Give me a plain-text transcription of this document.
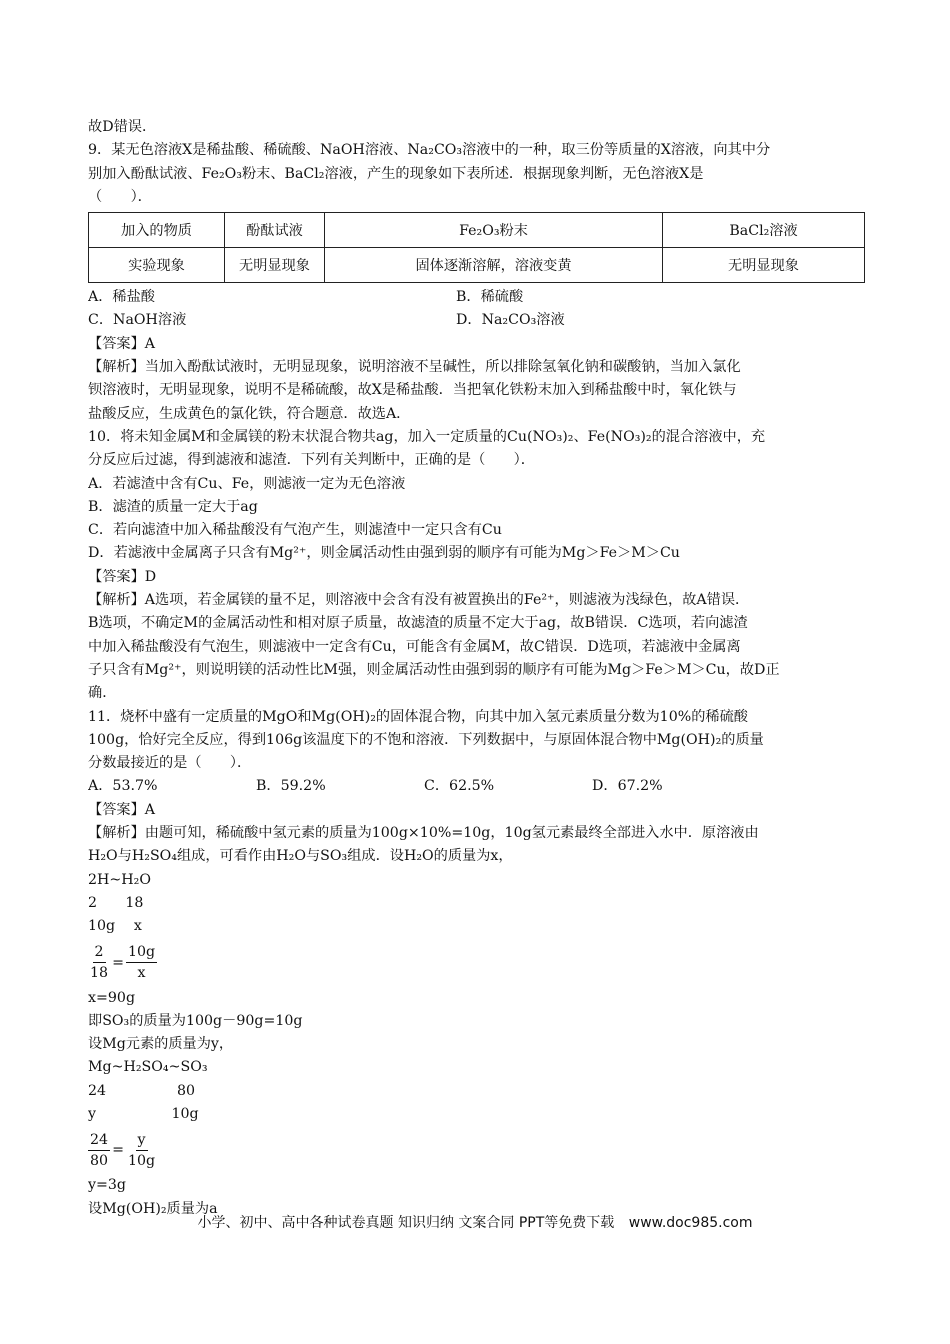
故D错误．
9．某无色溶液X是稀盐酸、稀硫酸、NaOH溶液、Na₂CO₃溶液中的一种，取三份等质量的X溶液，向其中分
别加入酚酞试液、Fe₂O₃粉末、BaCl₂溶液，产生的现象如下表所述．根据现象判断，无色溶液X是
（　　）．
加入的物质	酚酞试液	Fe₂O₃粉末	BaCl₂溶液
实验现象	无明显现象	固体逐渐溶解，溶液变黄	无明显现象
A．稀盐酸	B．稀硫酸
C．NaOH溶液	D．Na₂CO₃溶液
【答案】A
【解析】当加入酚酞试液时，无明显现象，说明溶液不呈碱性，所以排除氢氧化钠和碳酸钠，当加入氯化
钡溶液时，无明显现象，说明不是稀硫酸，故X是稀盐酸．当把氧化铁粉末加入到稀盐酸中时，氧化铁与
盐酸反应，生成黄色的氯化铁，符合题意．故选A．
10．将未知金属M和金属镁的粉末状混合物共ag，加入一定质量的Cu(NO₃)₂、Fe(NO₃)₂的混合溶液中，充
分反应后过滤，得到滤液和滤渣．下列有关判断中，正确的是（　　）．
A．若滤渣中含有Cu、Fe，则滤液一定为无色溶液
B．滤渣的质量一定大于ag
C．若向滤渣中加入稀盐酸没有气泡产生，则滤渣中一定只含有Cu
D．若滤液中金属离子只含有Mg²⁺，则金属活动性由强到弱的顺序有可能为Mg＞Fe＞M＞Cu
【答案】D
【解析】A选项，若金属镁的量不足，则溶液中会含有没有被置换出的Fe²⁺，则滤液为浅绿色，故A错误．
B选项，不确定M的金属活动性和相对原子质量，故滤渣的质量不定大于ag，故B错误．C选项，若向滤渣
中加入稀盐酸没有气泡生，则滤液中一定含有Cu，可能含有金属M，故C错误．D选项，若滤液中金属离
子只含有Mg²⁺，则说明镁的活动性比M强，则金属活动性由强到弱的顺序有可能为Mg＞Fe＞M＞Cu，故D正
确．
11．烧杯中盛有一定质量的MgO和Mg(OH)₂的固体混合物，向其中加入氢元素质量分数为10%的稀硫酸
100g，恰好完全反应，得到106g该温度下的不饱和溶液．下列数据中，与原固体混合物中Mg(OH)₂的质量
分数最接近的是（　　）．
A．53.7%	B．59.2%	C．62.5%	D．67.2%
【答案】A
【解析】由题可知，稀硫酸中氢元素的质量为100g×10%=10g，10g氢元素最终全部进入水中．原溶液由
H₂O与H₂SO₄组成，可看作由H₂O与SO₃组成．设H₂O的质量为x，
2H~H₂O
2　　18
10g　 x
$\frac{2}{18} = \frac{10g}{x}$
x=90g
即SO₃的质量为100g－90g=10g
设Mg元素的质量为y，
Mg~H₂SO₄~SO₃
24　　　　　80
y　　　　　 10g
$\frac{24}{80} = \frac{y}{10g}$
y=3g
设Mg(OH)₂质量为a
小学、初中、高中各种试卷真题 知识归纳 文案合同 PPT等免费下载 www.doc985.com
